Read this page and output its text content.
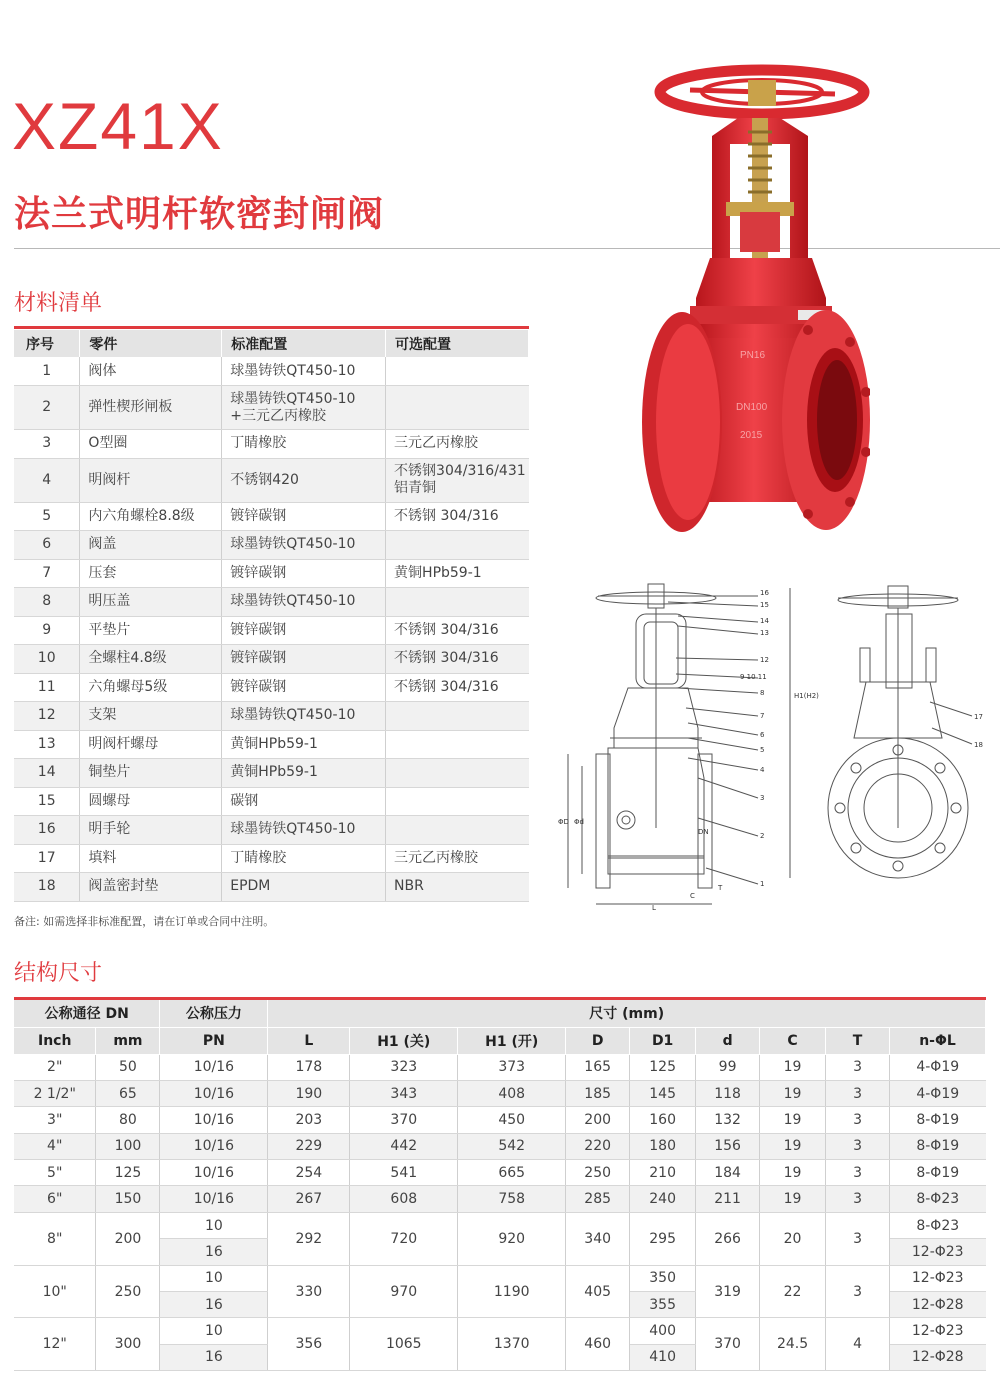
XZ41X
法兰式明杆软密封闸阀
PN16
DN100
2015
16
15
14
13
12
9 10 11
8
7
6
5
4
3
2
1
17
18
H1(H2)
ΦD Φd
DN
L
C
T
材料清单
序号	零件	标准配置	可选配置
1	阀体	球墨铸铁QT450-10	
2	弹性楔形闸板	球墨铸铁QT450-10
+三元乙丙橡胶	

3	O型圈	丁睛橡胶	三元乙丙橡胶
4	明阀杆	不锈钢420	不锈钢304/316/431
铝青铜

5	内六角螺栓8.8级	镀锌碳钢	不锈钢 304/316
6	阀盖	球墨铸铁QT450-10	
7	压套	镀锌碳钢	黄铜HPb59-1
8	明压盖	球墨铸铁QT450-10	
9	平垫片	镀锌碳钢	不锈钢 304/316
10	全螺柱4.8级	镀锌碳钢	不锈钢 304/316
11	六角螺母5级	镀锌碳钢	不锈钢 304/316
12	支架	球墨铸铁QT450-10	
13	明阀杆螺母	黄铜HPb59-1	
14	铜垫片	黄铜HPb59-1	
15	圆螺母	碳钢	
16	明手轮	球墨铸铁QT450-10	
17	填料	丁睛橡胶	三元乙丙橡胶
18	阀盖密封垫	EPDM	NBR
备注: 如需选择非标准配置，请在订单或合同中注明。
结构尺寸
公称通径 DN		公称压力	尺寸 (mm)								
Inch	mm	PN	L	H1 (关)	H1 (开)	D	D1	d	C	T	n-ΦL
2"	50	10/16	178	323	373	165	125	99	19	3	4-Φ19
2 1/2"	65	10/16	190	343	408	185	145	118	19	3	4-Φ19
3"	80	10/16	203	370	450	200	160	132	19	3	8-Φ19
4"	100	10/16	229	442	542	220	180	156	19	3	8-Φ19
5"	125	10/16	254	541	665	250	210	184	19	3	8-Φ19
6"	150	10/16	267	608	758	285	240	211	19	3	8-Φ23
8"	200	10	292	720	920	340	295	266	20	3	8-Φ23
		16									12-Φ23
10"	250	10	330	970	1190	405	350	319	22	3	12-Φ23
		16					355				12-Φ28
12"	300	10	356	1065	1370	460	400	370	24.5	4	12-Φ23
		16					410				12-Φ28
